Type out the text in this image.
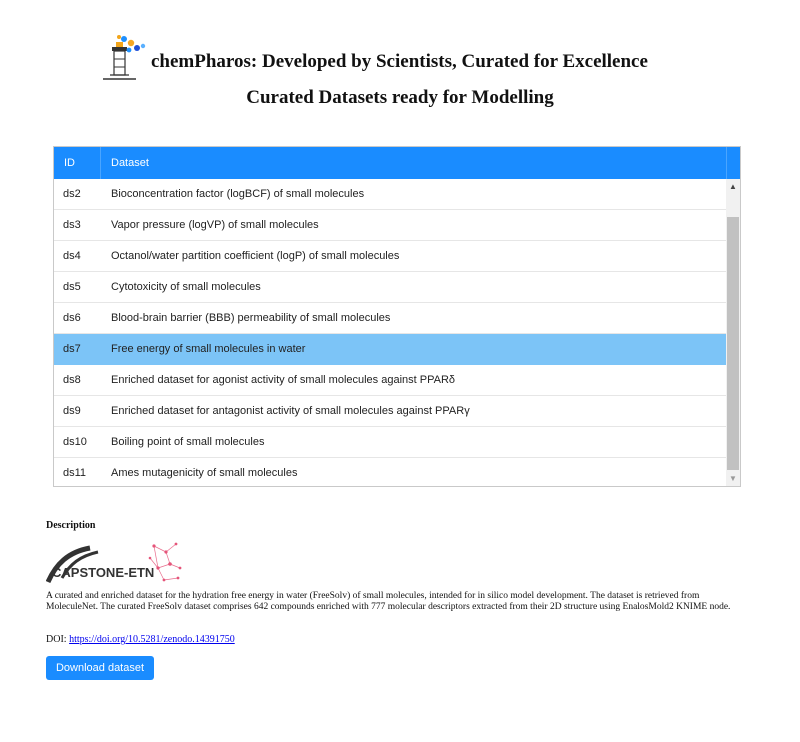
chemPharos: Developed by Scientists, Curated for Excellence
Curated Datasets ready for Modelling
ID	Dataset
ds2	Bioconcentration factor (logBCF) of small molecules
ds3	Vapor pressure (logVP) of small molecules
ds4	Octanol/water partition coefficient (logP) of small molecules
ds5	Cytotoxicity of small molecules
ds6	Blood-brain barrier (BBB) permeability of small molecules
ds7	Free energy of small molecules in water
ds8	Enriched dataset for agonist activity of small molecules against PPARδ
ds9	Enriched dataset for antagonist activity of small molecules against PPARγ
ds10 Boiling point of small molecules
ds11 Ames mutagenicity of small molecules
▲
▼
Description
CAPSTONE-ETN
A curated and enriched dataset for the hydration free energy in water (FreeSolv) of small molecules, intended for in silico model development. The dataset is retrieved from MoleculeNet. The curated FreeSolv dataset comprises 642 compounds enriched with 777 molecular descriptors extracted from their 2D structure using EnalosMold2 KNIME node.
DOI: https://doi.org/10.5281/zenodo.14391750
Download dataset
